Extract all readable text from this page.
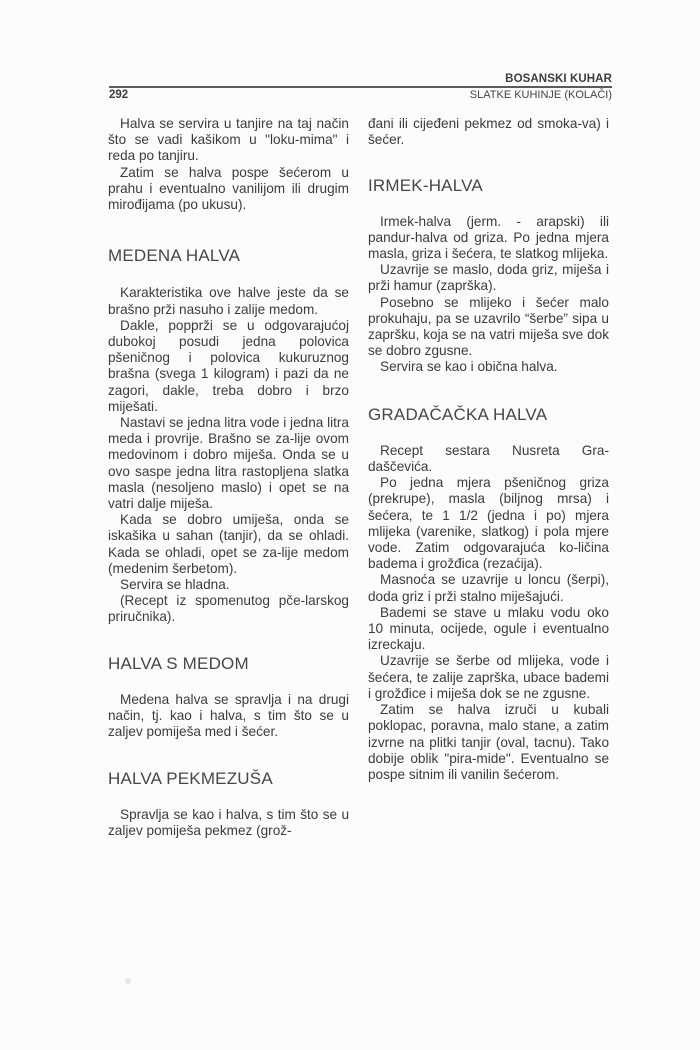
BOSANSKI KUHAR
292	SLATKE KUHINJE (KOLAČI)

Halva se servira u tanjire na taj način što se vadi kašikom u "loku-mima" i reda po tanjiru.

Zatim se halva pospe šećerom u prahu i eventualno vanilijom ili drugim mirođijama (po ukusu).

MEDENA HALVA

Karakteristika ove halve jeste da se brašno prži nasuho i zalije medom.

Dakle, popprži se u odgovarajućoj dubokoj posudi jedna polovica pšeničnog i polovica kukuruznog brašna (svega 1 kilogram) i pazi da ne zagori, dakle, treba dobro i brzo miješati.

Nastavi se jedna litra vode i jedna litra meda i provrije. Brašno se za-lije ovom medovinom i dobro miješa. Onda se u ovo saspe jedna litra rastopljena slatka masla (nesoljeno maslo) i opet se na vatri dalje miješa.

Kada se dobro umiješa, onda se iskašika u sahan (tanjir), da se ohladi. Kada se ohladi, opet se za-lije medom (medenim šerbetom).

Servira se hladna.

(Recept iz spomenutog pče-larskog priručnika).

HALVA S MEDOM

Medena halva se spravlja i na drugi način, tj. kao i halva, s tim što se u zaljev pomiješa med i šećer.

HALVA PEKMEZUŠA

Spravlja se kao i halva, s tim što se u zaljev pomiješa pekmez (grož-

đani ili cijeđeni pekmez od smoka-va) i šećer.

IRMEK-HALVA

Irmek-halva (jerm. - arapski) ili pandur-halva od griza. Po jedna mjera masla, griza i šećera, te slatkog mlijeka.

Uzavrije se maslo, doda griz, miješa i prži hamur (zaprška).

Posebno se mlijeko i šećer malo prokuhaju, pa se uzavrilo “šerbe” sipa u zapršku, koja se na vatri miješa sve dok se dobro zgusne.

Servira se kao i obična halva.

GRADAČAČKA HALVA

Recept sestara Nusreta Gra-daščevića.

Po jedna mjera pšeničnog griza (prekrupe), masla (biljnog mrsa) i šećera, te 1 1/2 (jedna i po) mjera mlijeka (varenike, slatkog) i pola mjere vode. Zatim odgovarajuća ko-ličina badema i grožđica (rezaćija).

Masnoća se uzavrije u loncu (šerpi), doda griz i prži stalno miješajući.

Bademi se stave u mlaku vodu oko 10 minuta, ocijede, ogule i eventualno izreckaju.

Uzavrije se šerbe od mlijeka, vode i šećera, te zalije zaprška, ubace bademi i grožđice i miješa dok se ne zgusne.

Zatim se halva izruči u kubali poklopac, poravna, malo stane, a zatim izvrne na plitki tanjir (oval, tacnu). Tako dobije oblik "pira-mide". Eventualno se pospe sitnim ili vanilin šećerom.
